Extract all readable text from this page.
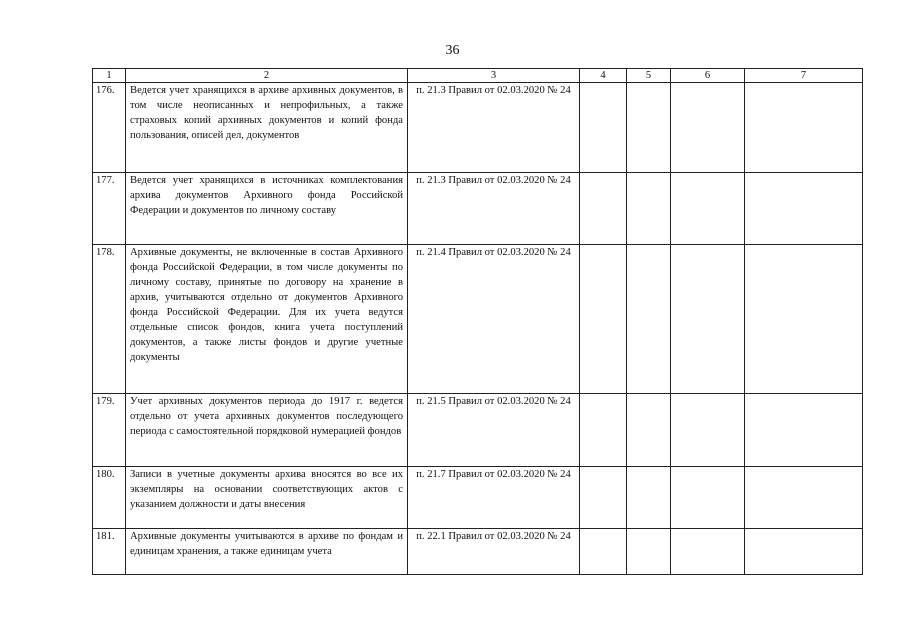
36
1	2	3	4	5	6	7
176.	Ведется учет хранящихся в архиве архивных документов, в том числе неописанных и непрофильных, а также страховых копий архивных документов и копий фонда пользования, описей дел, документов	п. 21.3 Правил от 02.03.2020 № 24				
177.	Ведется учет хранящихся в источниках комплектования архива документов Архивного фонда Российской Федерации и документов по личному составу	п. 21.3 Правил от 02.03.2020 № 24				
178.	Архивные документы, не включенные в состав Архивного фонда Российской Федерации, в том числе документы по личному составу, принятые по договору на хранение в архив, учитываются отдельно от документов Архивного фонда Российской Федерации. Для их учета ведутся отдельные список фондов, книга учета поступлений документов, а также листы фондов и другие учетные документы	п. 21.4 Правил от 02.03.2020 № 24				
179.	Учет архивных документов периода до 1917 г. ведется отдельно от учета архивных документов последующего периода с самостоятельной порядковой нумерацией фондов	п. 21.5 Правил от 02.03.2020 № 24				
180.	Записи в учетные документы архива вносятся во все их экземпляры на основании соответствующих актов с указанием должности и даты внесения	п. 21.7 Правил от 02.03.2020 № 24				
181.	Архивные документы учитываются в архиве по фондам и единицам хранения, а также единицам учета	п. 22.1 Правил от 02.03.2020 № 24				
